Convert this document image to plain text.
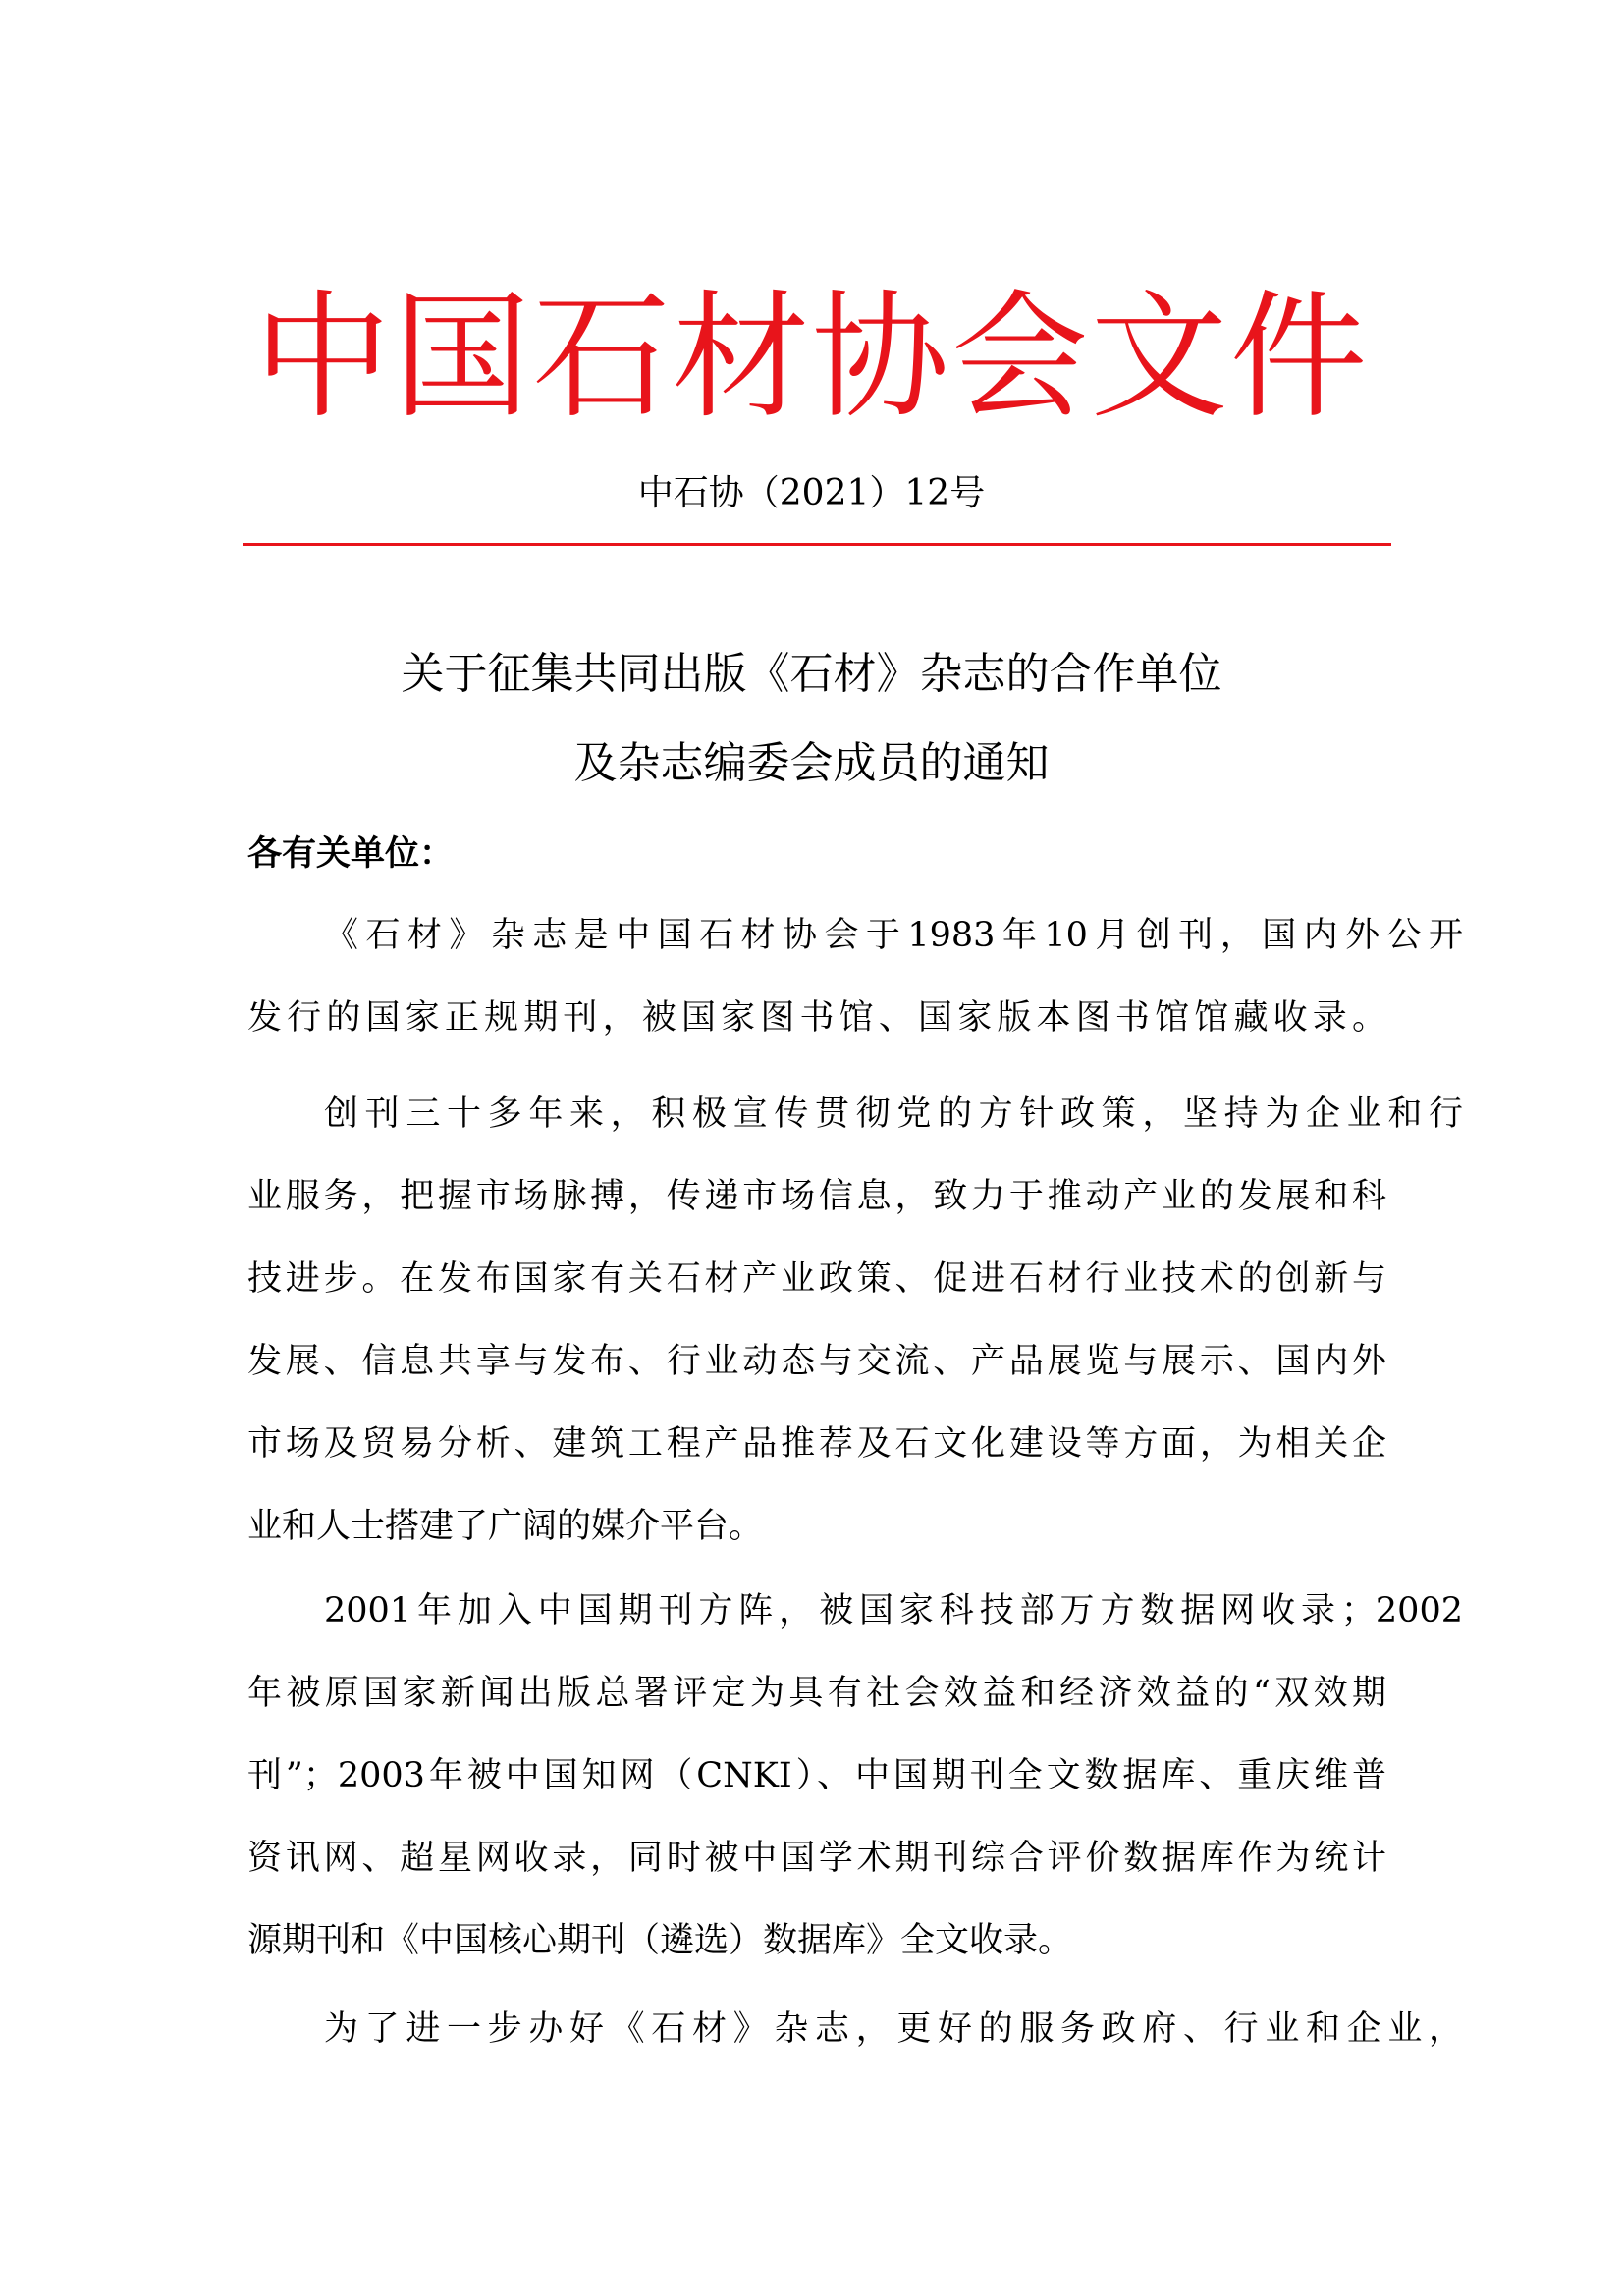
中国石材协会文件
中石协（2021）12号
关于征集共同出版《石材》杂志的合作单位
及杂志编委会成员的通知
各有关单位：
《石材》杂志是中国石材协会于1983年10月创刊，国内外公开
发行的国家正规期刊，被国家图书馆、国家版本图书馆馆藏收录。
创刊三十多年来，积极宣传贯彻党的方针政策，坚持为企业和行
业服务，把握市场脉搏，传递市场信息，致力于推动产业的发展和科
技进步。在发布国家有关石材产业政策、促进石材行业技术的创新与
发展、信息共享与发布、行业动态与交流、产品展览与展示、国内外
市场及贸易分析、建筑工程产品推荐及石文化建设等方面，为相关企
业和人士搭建了广阔的媒介平台。
2001年加入中国期刊方阵，被国家科技部万方数据网收录；2002
年被原国家新闻出版总署评定为具有社会效益和经济效益的“双效期
刊”；2003年被中国知网（CNKI）、中国期刊全文数据库、重庆维普
资讯网、超星网收录，同时被中国学术期刊综合评价数据库作为统计
源期刊和《中国核心期刊（遴选）数据库》全文收录。
为了进一步办好《石材》杂志，更好的服务政府、行业和企业，
